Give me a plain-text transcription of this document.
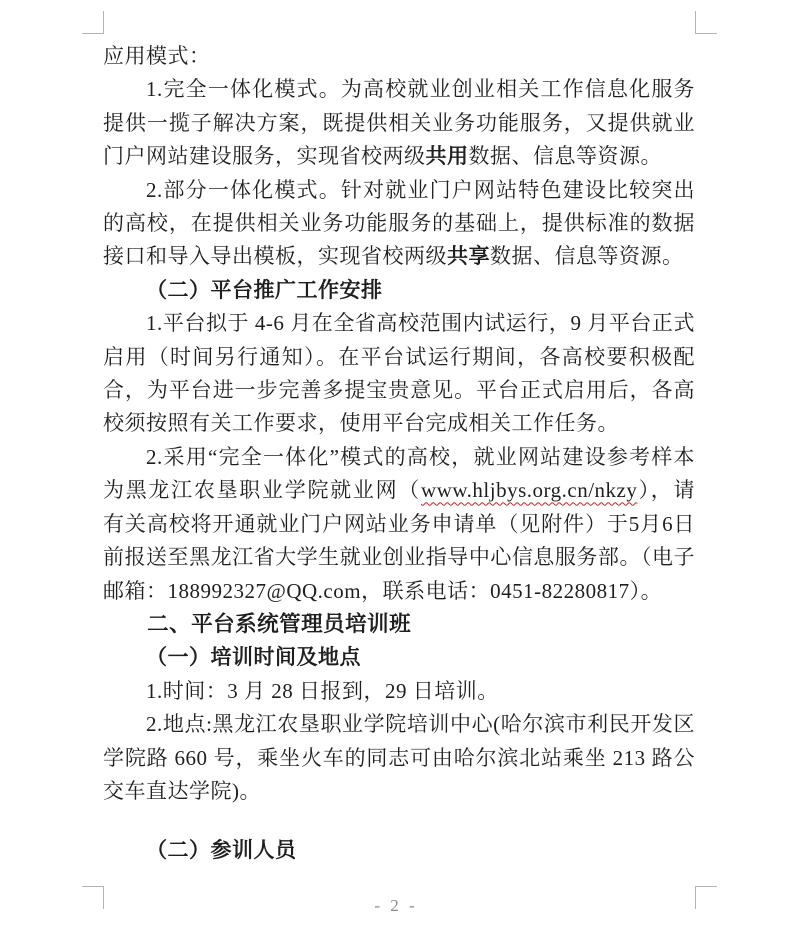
应用模式：

1.完全一体化模式。为高校就业创业相关工作信息化服务提供一揽子解决方案，既提供相关业务功能服务，又提供就业门户网站建设服务，实现省校两级共用数据、信息等资源。

2.部分一体化模式。针对就业门户网站特色建设比较突出的高校，在提供相关业务功能服务的基础上，提供标准的数据接口和导入导出模板，实现省校两级共享数据、信息等资源。

（二）平台推广工作安排

1.平台拟于 4-6 月在全省高校范围内试运行，9 月平台正式启用（时间另行通知）。在平台试运行期间，各高校要积极配合，为平台进一步完善多提宝贵意见。平台正式启用后，各高校须按照有关工作要求，使用平台完成相关工作任务。

2.采用“完全一体化”模式的高校，就业网站建设参考样本为黑龙江农垦职业学院就业网（www.hljbys.org.cn/nkzy），请有关高校将开通就业门户网站业务申请单（见附件）于5月6日前报送至黑龙江省大学生就业创业指导中心信息服务部。（电子邮箱：188992327@QQ.com，联系电话：0451-82280817）。

二、平台系统管理员培训班

（一）培训时间及地点

1.时间：3 月 28 日报到，29 日培训。

2.地点:黑龙江农垦职业学院培训中心(哈尔滨市利民开发区学院路 660 号，乘坐火车的同志可由哈尔滨北站乘坐 213 路公交车直达学院)。

（二）参训人员

- 2 -
